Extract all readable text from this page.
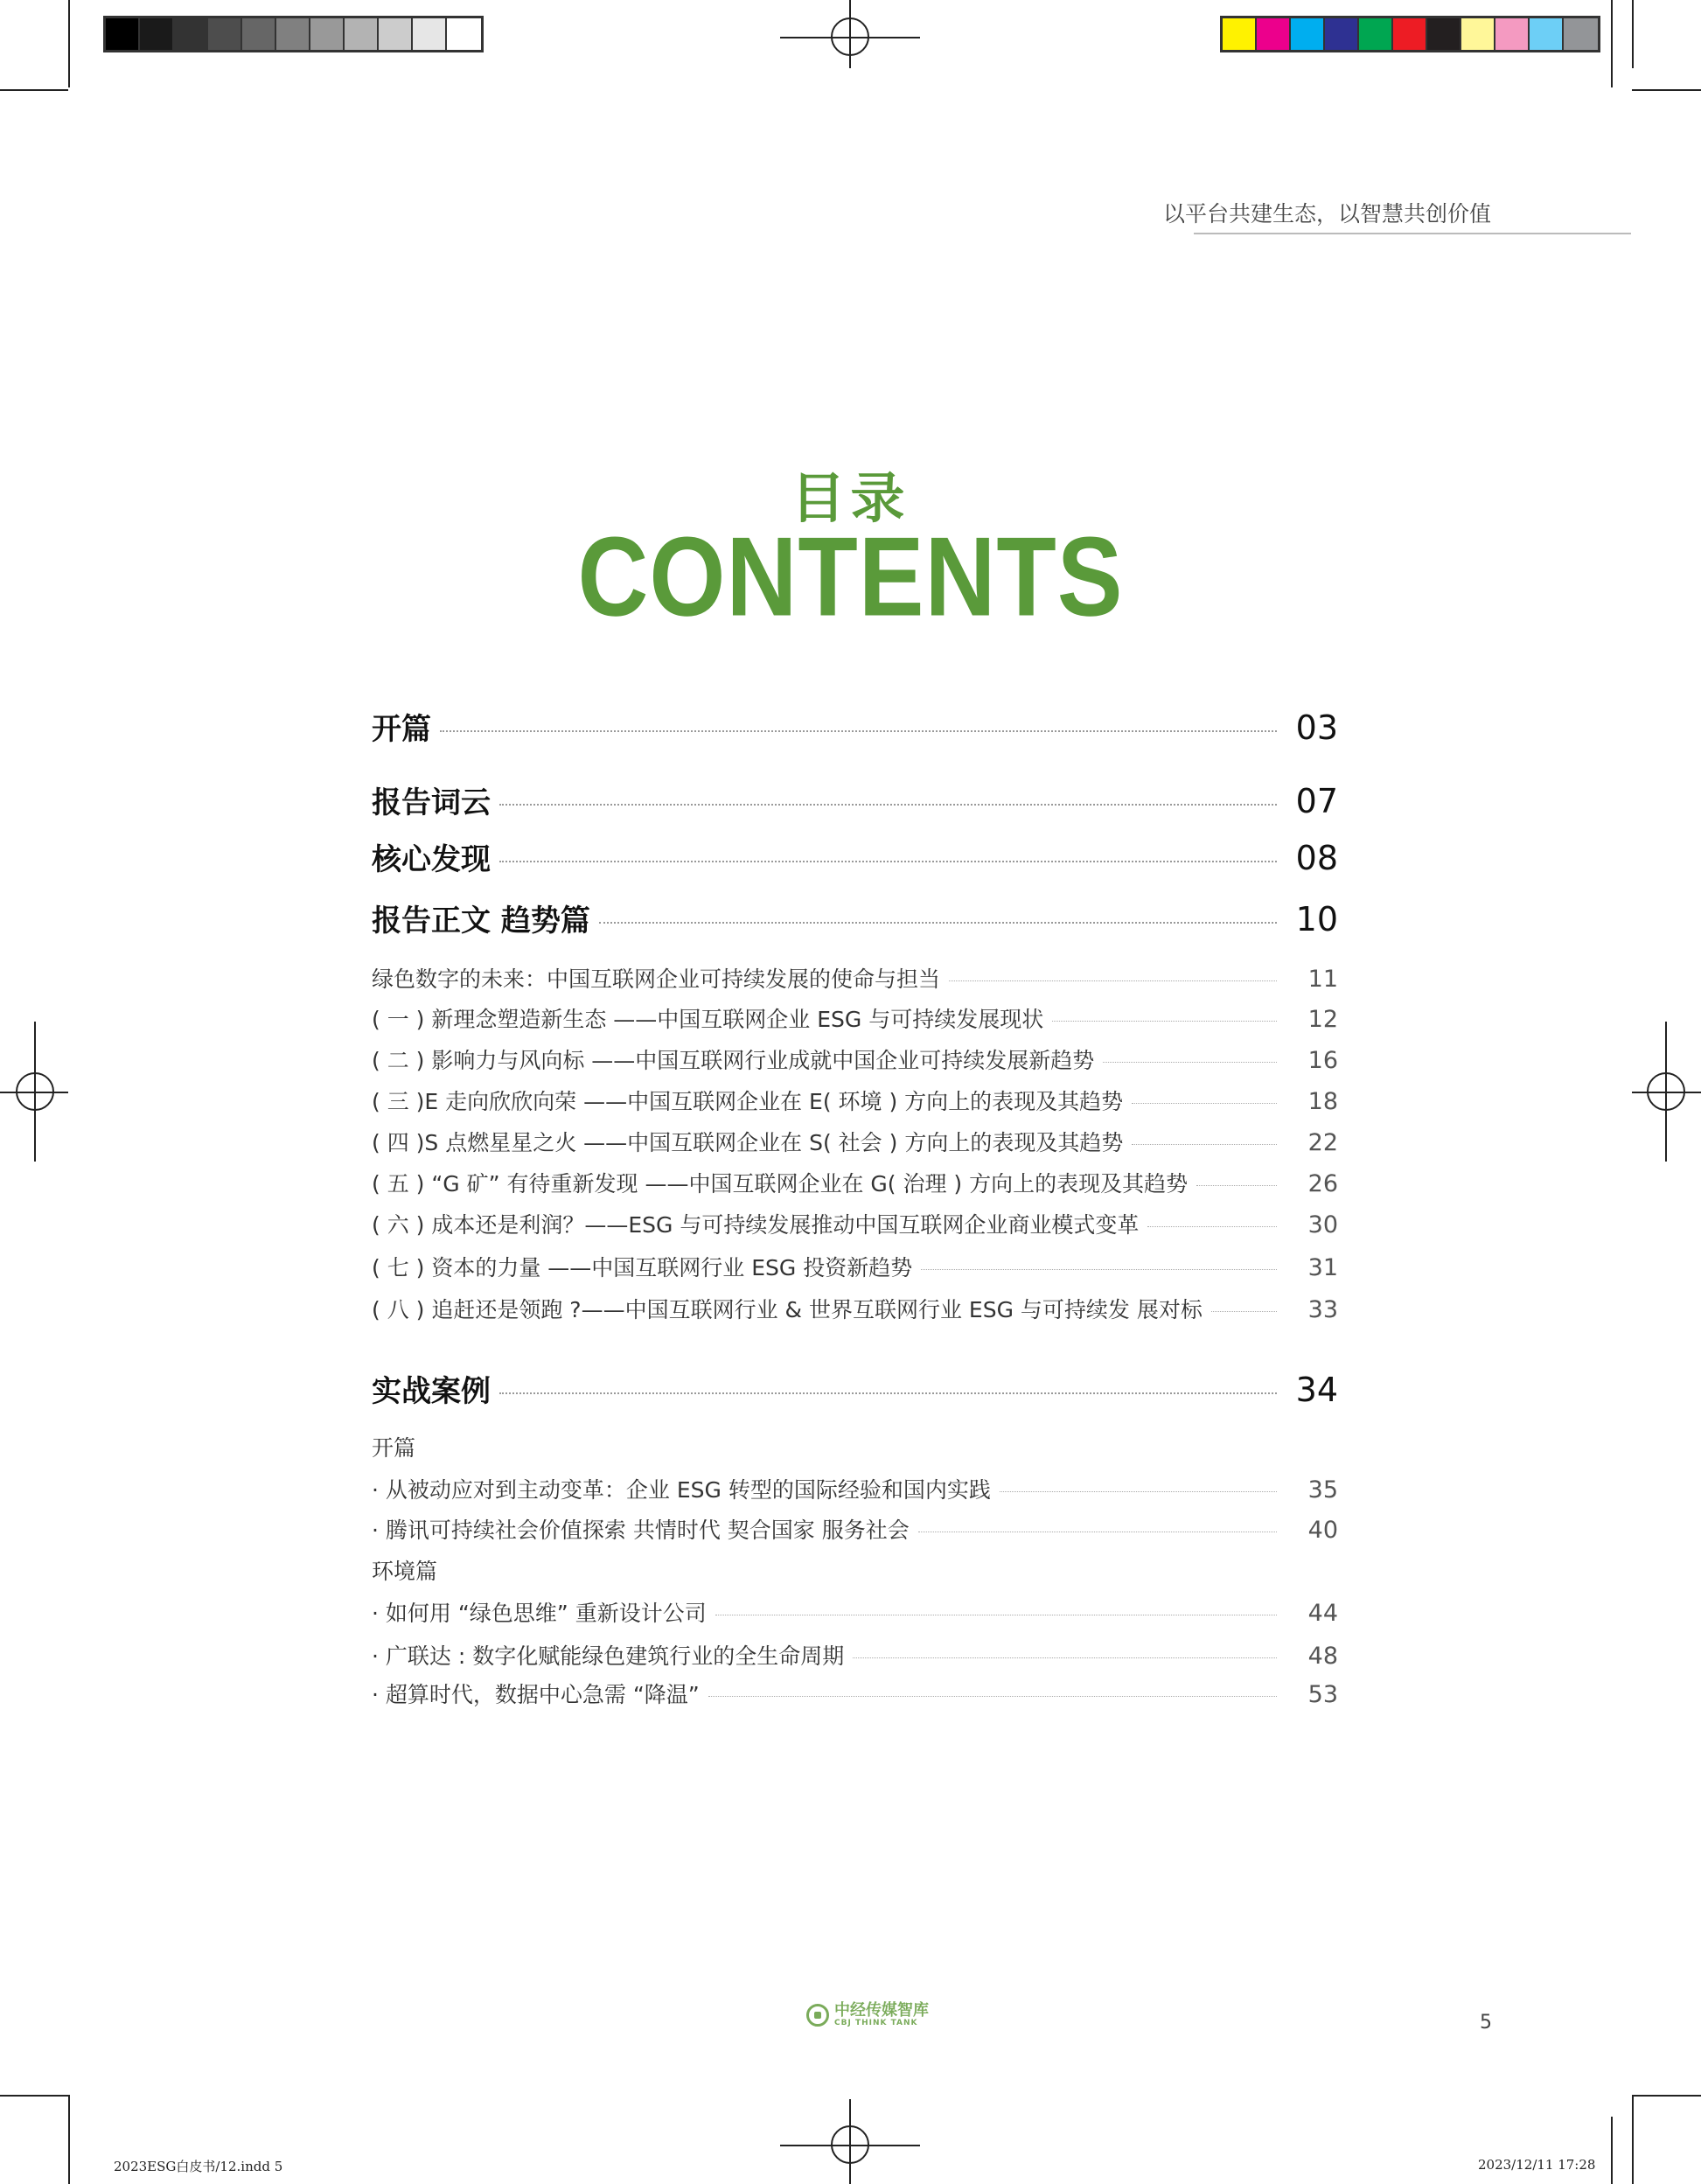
以平台共建生态，以智慧共创价值
目录
CONTENTS
开篇	03
报告词云	07
核心发现	08
报告正文 趋势篇	10
绿色数字的未来：中国互联网企业可持续发展的使命与担当	11
( 一 ) 新理念塑造新生态 ——中国互联网企业 ESG 与可持续发展现状	12
( 二 ) 影响力与风向标 ——中国互联网行业成就中国企业可持续发展新趋势	16
( 三 )E 走向欣欣向荣 ——中国互联网企业在 E( 环境 ) 方向上的表现及其趋势	18
( 四 )S 点燃星星之火 ——中国互联网企业在 S( 社会 ) 方向上的表现及其趋势	22
( 五 ) “G 矿” 有待重新发现 ——中国互联网企业在 G( 治理 ) 方向上的表现及其趋势	26
( 六 ) 成本还是利润？——ESG 与可持续发展推动中国互联网企业商业模式变革	30
( 七 ) 资本的力量 ——中国互联网行业 ESG 投资新趋势	31
( 八 ) 追赶还是领跑 ?——中国互联网行业 & 世界互联网行业 ESG 与可持续发 展对标	33
实战案例	34
开篇
· 从被动应对到主动变革：企业 ESG 转型的国际经验和国内实践	35
· 腾讯可持续社会价值探索 共情时代 契合国家 服务社会	40
环境篇
· 如何用 “绿色思维” 重新设计公司	44
· 广联达 : 数字化赋能绿色建筑行业的全生命周期	48
· 超算时代，数据中心急需 “降温”	53
中经传媒智库
CBJ THINK TANK	5
2023ESG白皮书/12.indd 5	2023/12/11 17:28
